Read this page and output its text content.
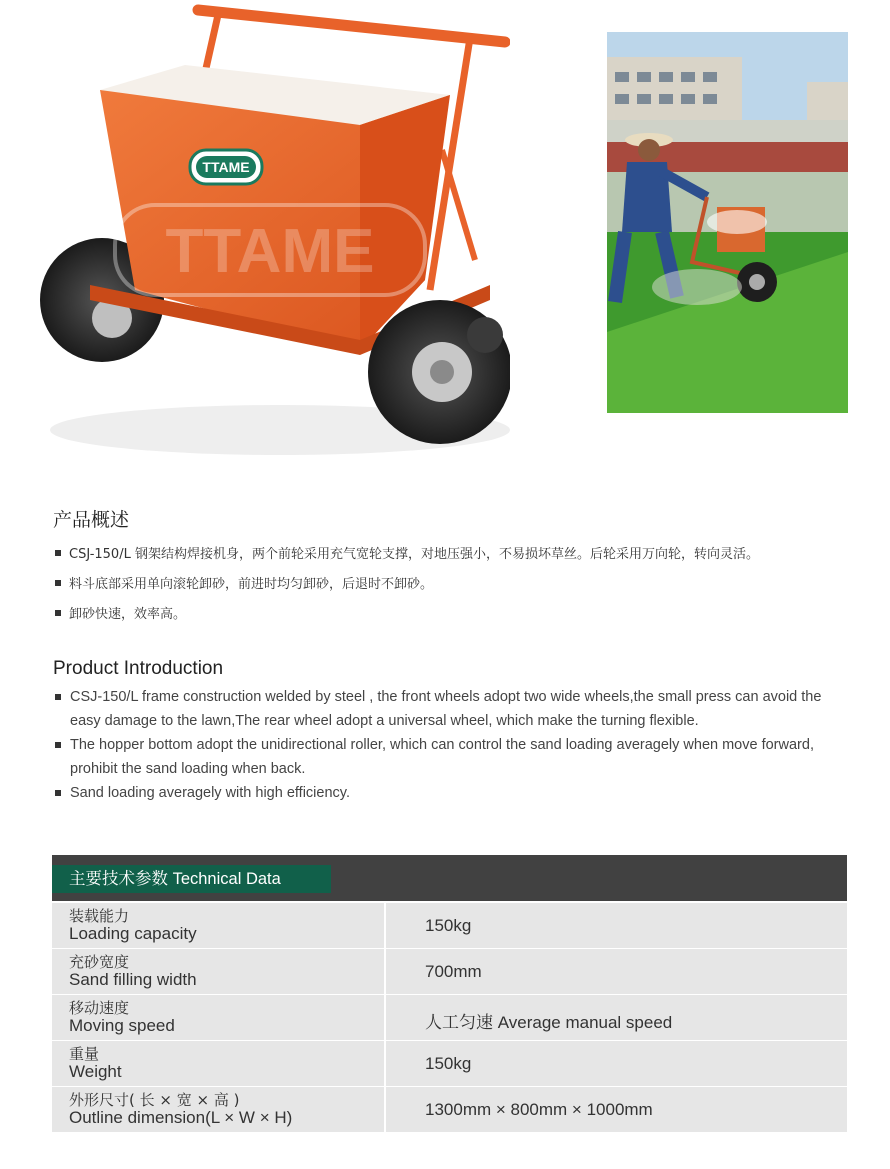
TTAME
TTAME
产品概述
CSJ-150/L 钢架结构焊接机身，两个前轮采用充气宽轮支撑，对地压强小，不易损坏草丝。后轮采用万向轮，转向灵活。
料斗底部采用单向滚轮卸砂，前进时均匀卸砂，后退时不卸砂。
卸砂快速，效率高。
Product Introduction
CSJ-150/L frame construction welded by steel , the front wheels adopt two wide wheels,the small press can avoid the easy damage to the lawn,The rear wheel adopt a universal wheel, which make the turning flexible.
The hopper bottom adopt the unidirectional roller, which can control the sand loading averagely when move forward, prohibit the sand loading when back.
Sand loading averagely with high efficiency.
主要技术参数 Technical Data
装载能力
Loading capacity	150kg
充砂宽度
Sand filling width	700mm
移动速度
Moving speed	人工匀速 Average manual speed
重量
Weight	150kg
外形尺寸( 长 × 宽 × 高 )
Outline dimension(L × W × H)	1300mm × 800mm × 1000mm
